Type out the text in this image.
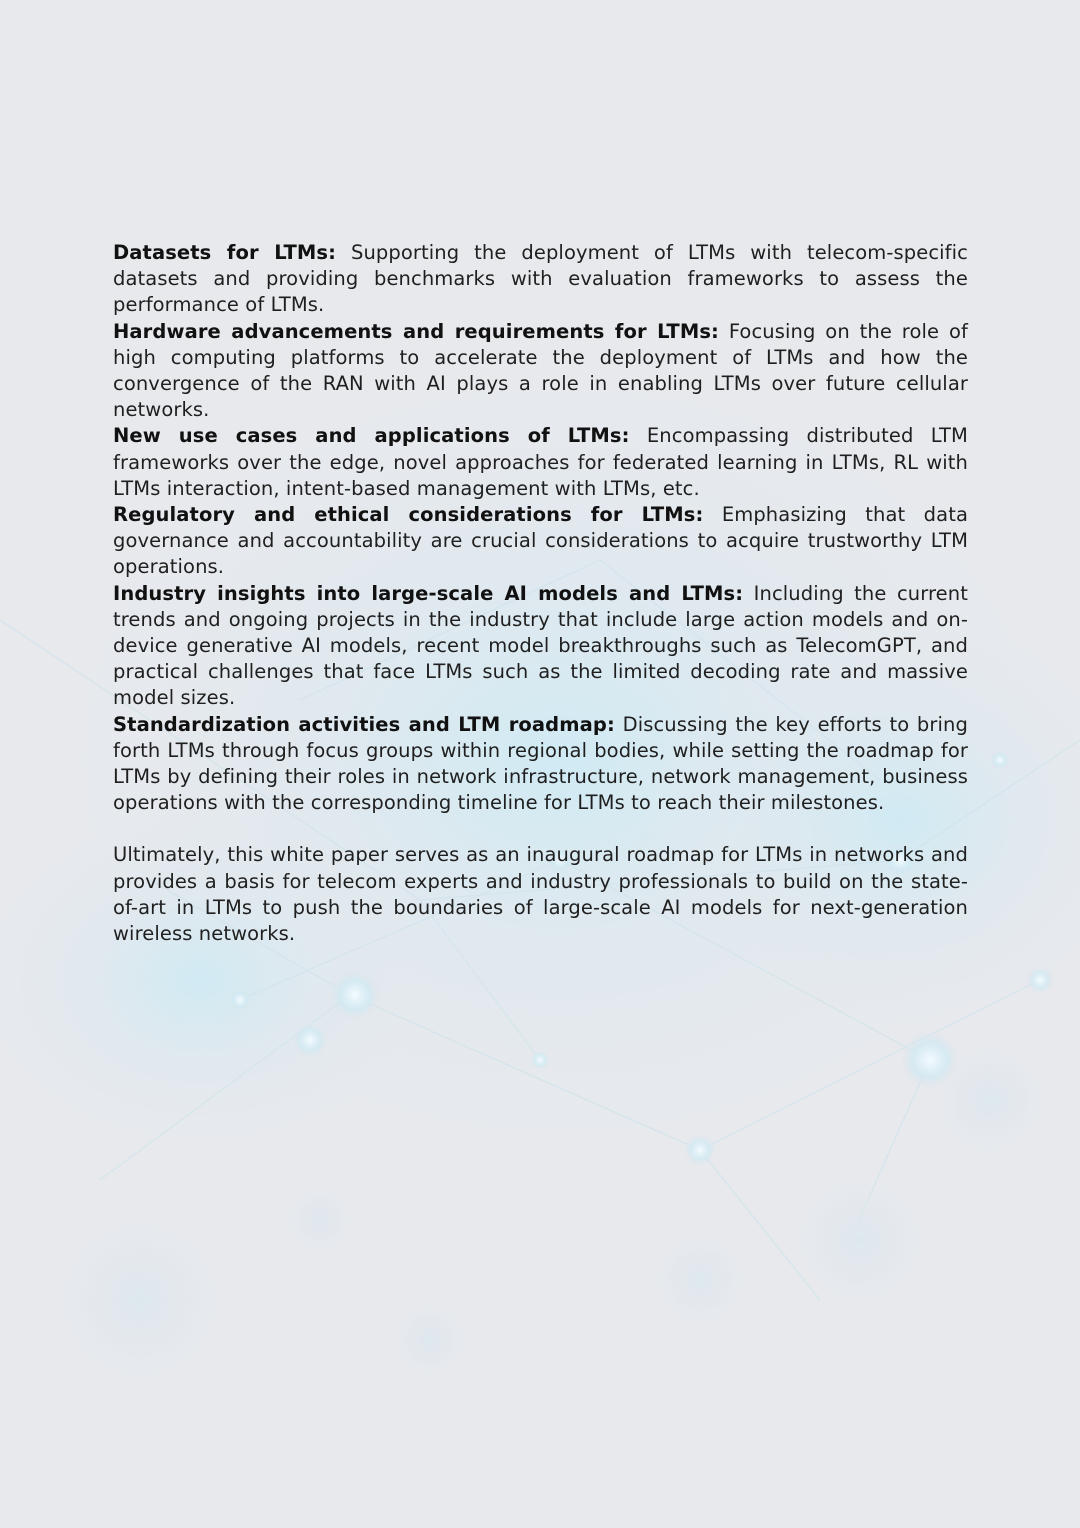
Datasets for LTMs: Supporting the deployment of LTMs with telecom-specific datasets and providing benchmarks with evaluation frameworks to assess the performance of LTMs.

Hardware advancements and requirements for LTMs: Focusing on the role of high computing platforms to accelerate the deployment of LTMs and how the convergence of the RAN with AI plays a role in enabling LTMs over future cellular networks.

New use cases and applications of LTMs: Encompassing distributed LTM frameworks over the edge, novel approaches for federated learning in LTMs, RL with LTMs interaction, intent-based management with LTMs, etc.

Regulatory and ethical considerations for LTMs: Emphasizing that data governance and accountability are crucial considerations to acquire trustworthy LTM operations.

Industry insights into large-scale AI models and LTMs: Including the current trends and ongoing projects in the industry that include large action models and on-device generative AI models, recent model breakthroughs such as TelecomGPT, and practical challenges that face LTMs such as the limited decoding rate and massive model sizes.

Standardization activities and LTM roadmap: Discussing the key efforts to bring forth LTMs through focus groups within regional bodies, while setting the roadmap for LTMs by defining their roles in network infrastructure, network management, business operations with the corresponding timeline for LTMs to reach their milestones.

Ultimately, this white paper serves as an inaugural roadmap for LTMs in networks and provides a basis for telecom experts and industry professionals to build on the state-of-art in LTMs to push the boundaries of large-scale AI models for next-generation wireless networks.
